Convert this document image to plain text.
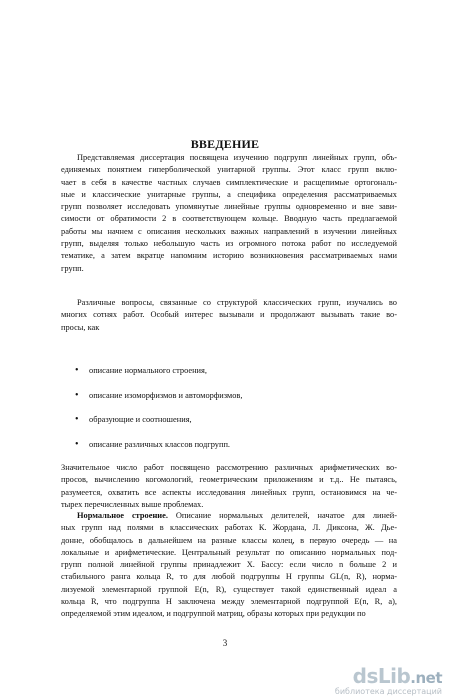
ВВЕДЕНИЕ

Представляемая диссертация посвящена изучению подгрупп линейных групп, объ-
единяемых понятием гиперболической унитарной группы. Этот класс групп вклю-
чает в себя в качестве частных случаев симплектические и расщепимые ортогональ-
ные и классические унитарные группы, а специфика определения рассматриваемых
групп позволяет исследовать упомянутые линейные группы одновременно и вне зави-
симости от обратимости 2 в соответствующем кольце. Вводную часть предлагаемой
работы мы начнем с описания нескольких важных направлений в изучении линейных
групп, выделяя только небольшую часть из огромного потока работ по исследуемой
тематике, а затем вкратце напомним историю возникновения рассматриваемых нами
групп.

Различные вопросы, связанные со структурой классических групп, изучались во
многих сотнях работ. Особый интерес вызывали и продолжают вызывать такие во-
просы, как

•	описание нормального строения,
•	описание изоморфизмов и автоморфизмов,
•	образующие и соотношения,
•	описание различных классов подгрупп.

Значительное число работ посвящено рассмотрению различных арифметических во-
просов, вычислению когомологий, геометрическим приложениям и т.д.. Не пытаясь,
разумеется, охватить все аспекты исследования линейных групп, остановимся на че-
тырех перечисленных выше проблемах.

Нормальное строение. Описание нормальных делителей, начатое для линей-
ных групп над полями в классических работах К. Жордана, Л. Диксона, Ж. Дье-
донне, обобщалось в дальнейшем на разные классы колец, в первую очередь — на
локальные и арифметические. Центральный результат по описанию нормальных под-
групп полной линейной группы принадлежит Х. Бассу: если число n больше 2 и
стабильного ранга кольца R, то для любой подгруппы H группы GL(n, R), норма-
лизуемой элементарной группой E(n, R), существует такой единственный идеал a
кольца R, что подгруппа H заключена между элементарной подгруппой E(n, R, a),
определяемой этим идеалом, и подгруппой матриц, образы которых при редукции по

3
dsLib.net
библиотека диссертаций
